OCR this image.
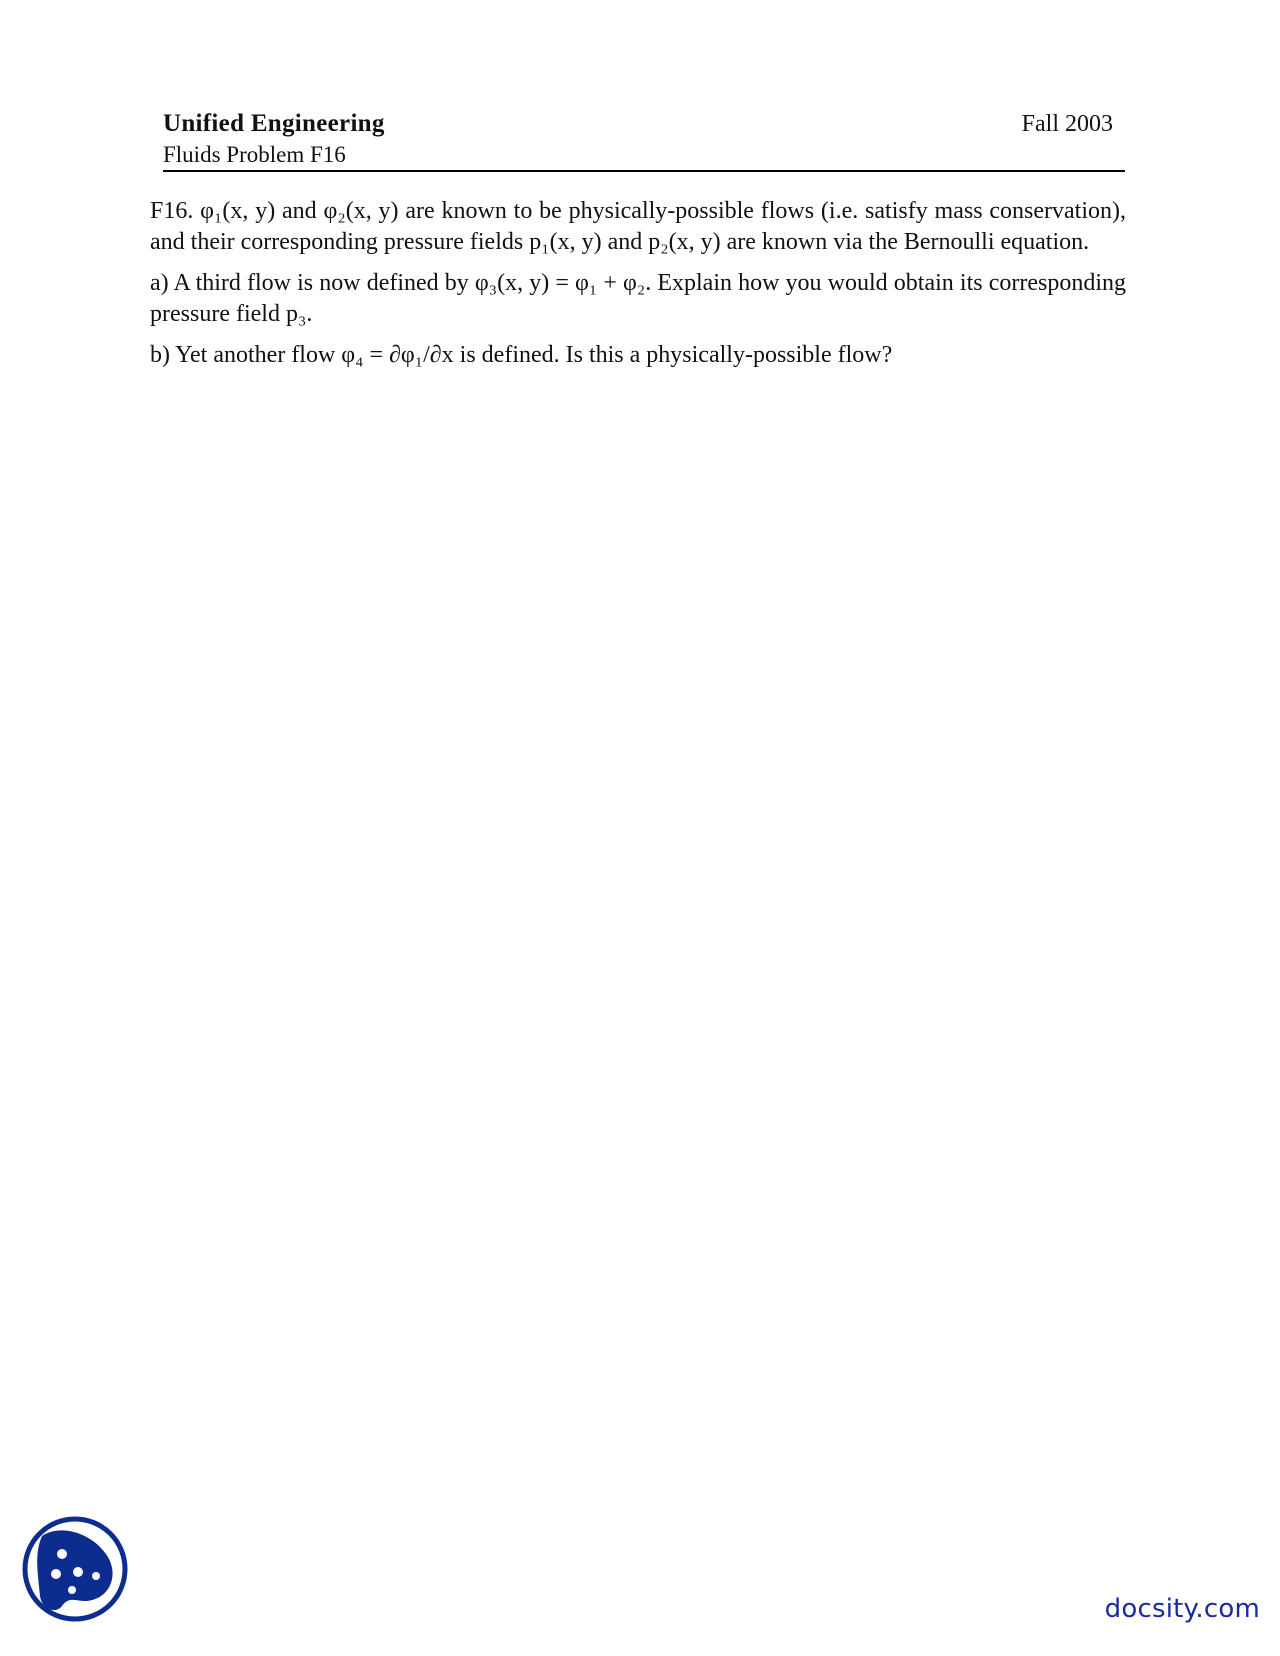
Unified Engineering
Fluids Problem F16
Fall 2003

F16. φ₁(x, y) and φ₂(x, y) are known to be physically-possible flows (i.e. satisfy mass conservation), and their corresponding pressure fields p₁(x, y) and p₂(x, y) are known via the Bernoulli equation.

a) A third flow is now defined by φ₃(x, y) = φ₁ + φ₂. Explain how you would obtain its corresponding pressure field p₃.

b) Yet another flow φ₄ = ∂φ₁/∂x is defined. Is this a physically-possible flow?

docsity.com
